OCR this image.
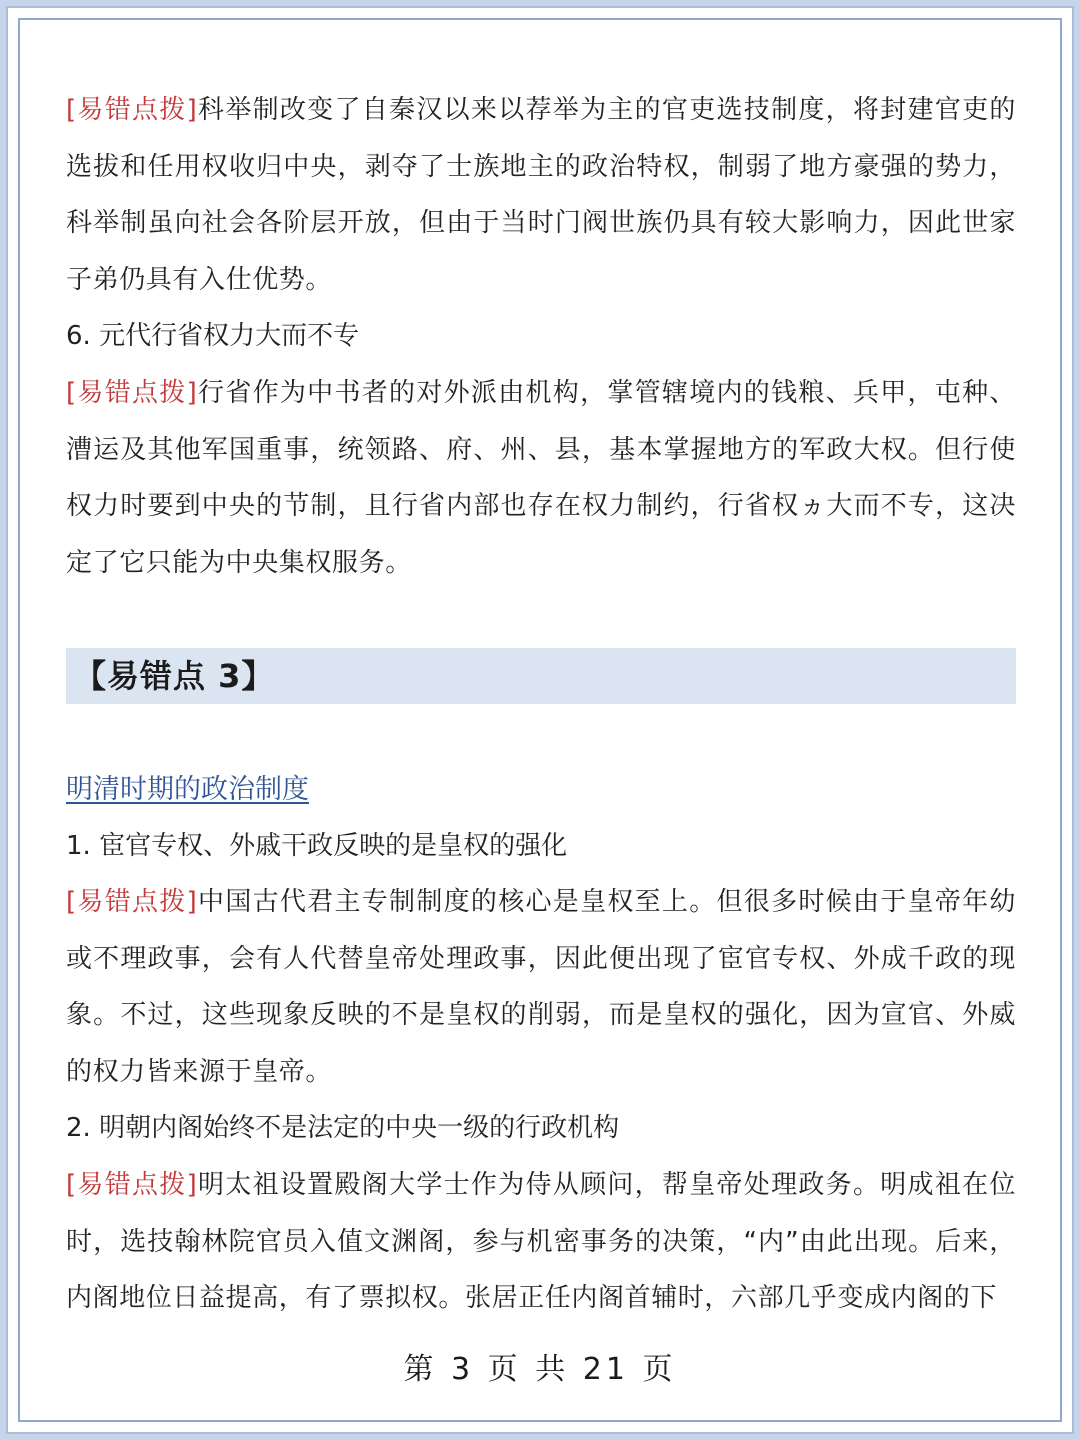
[易错点拨]科举制改变了自秦汉以来以荐举为主的官吏选技制度，将封建官吏的选拔和任用权收归中央，剥夺了士族地主的政治特权，制弱了地方豪强的势力，科举制虽向社会各阶层开放，但由于当时门阀世族仍具有较大影响力，因此世家子弟仍具有入仕优势。
6. 元代行省权力大而不专
[易错点拨]行省作为中书者的对外派由机构，掌管辖境内的钱粮、兵甲，屯种、漕运及其他军国重事，统领路、府、州、县，基本掌握地方的军政大权。但行使权力时要到中央的节制，且行省内部也存在权力制约，行省权ヵ大而不专，这决定了它只能为中央集权服务。
【易错点 3】
明清时期的政治制度
1. 宦官专权、外戚干政反映的是皇权的强化
[易错点拨]中国古代君主专制制度的核心是皇权至上。但很多时候由于皇帝年幼或不理政事，会有人代替皇帝处理政事，因此便出现了宦官专权、外成千政的现象。不过，这些现象反映的不是皇权的削弱，而是皇权的强化，因为宣官、外威的权力皆来源于皇帝。
2. 明朝内阁始终不是法定的中央一级的行政机构
[易错点拨]明太祖设置殿阁大学士作为侍从顾问，帮皇帝处理政务。明成祖在位时，选技翰林院官员入值文渊阁，参与机密事务的决策，“内”由此出现。后来，内阁地位日益提高，有了票拟权。张居正任内阁首辅时，六部几乎变成内阁的下
第 3 页 共 21 页
